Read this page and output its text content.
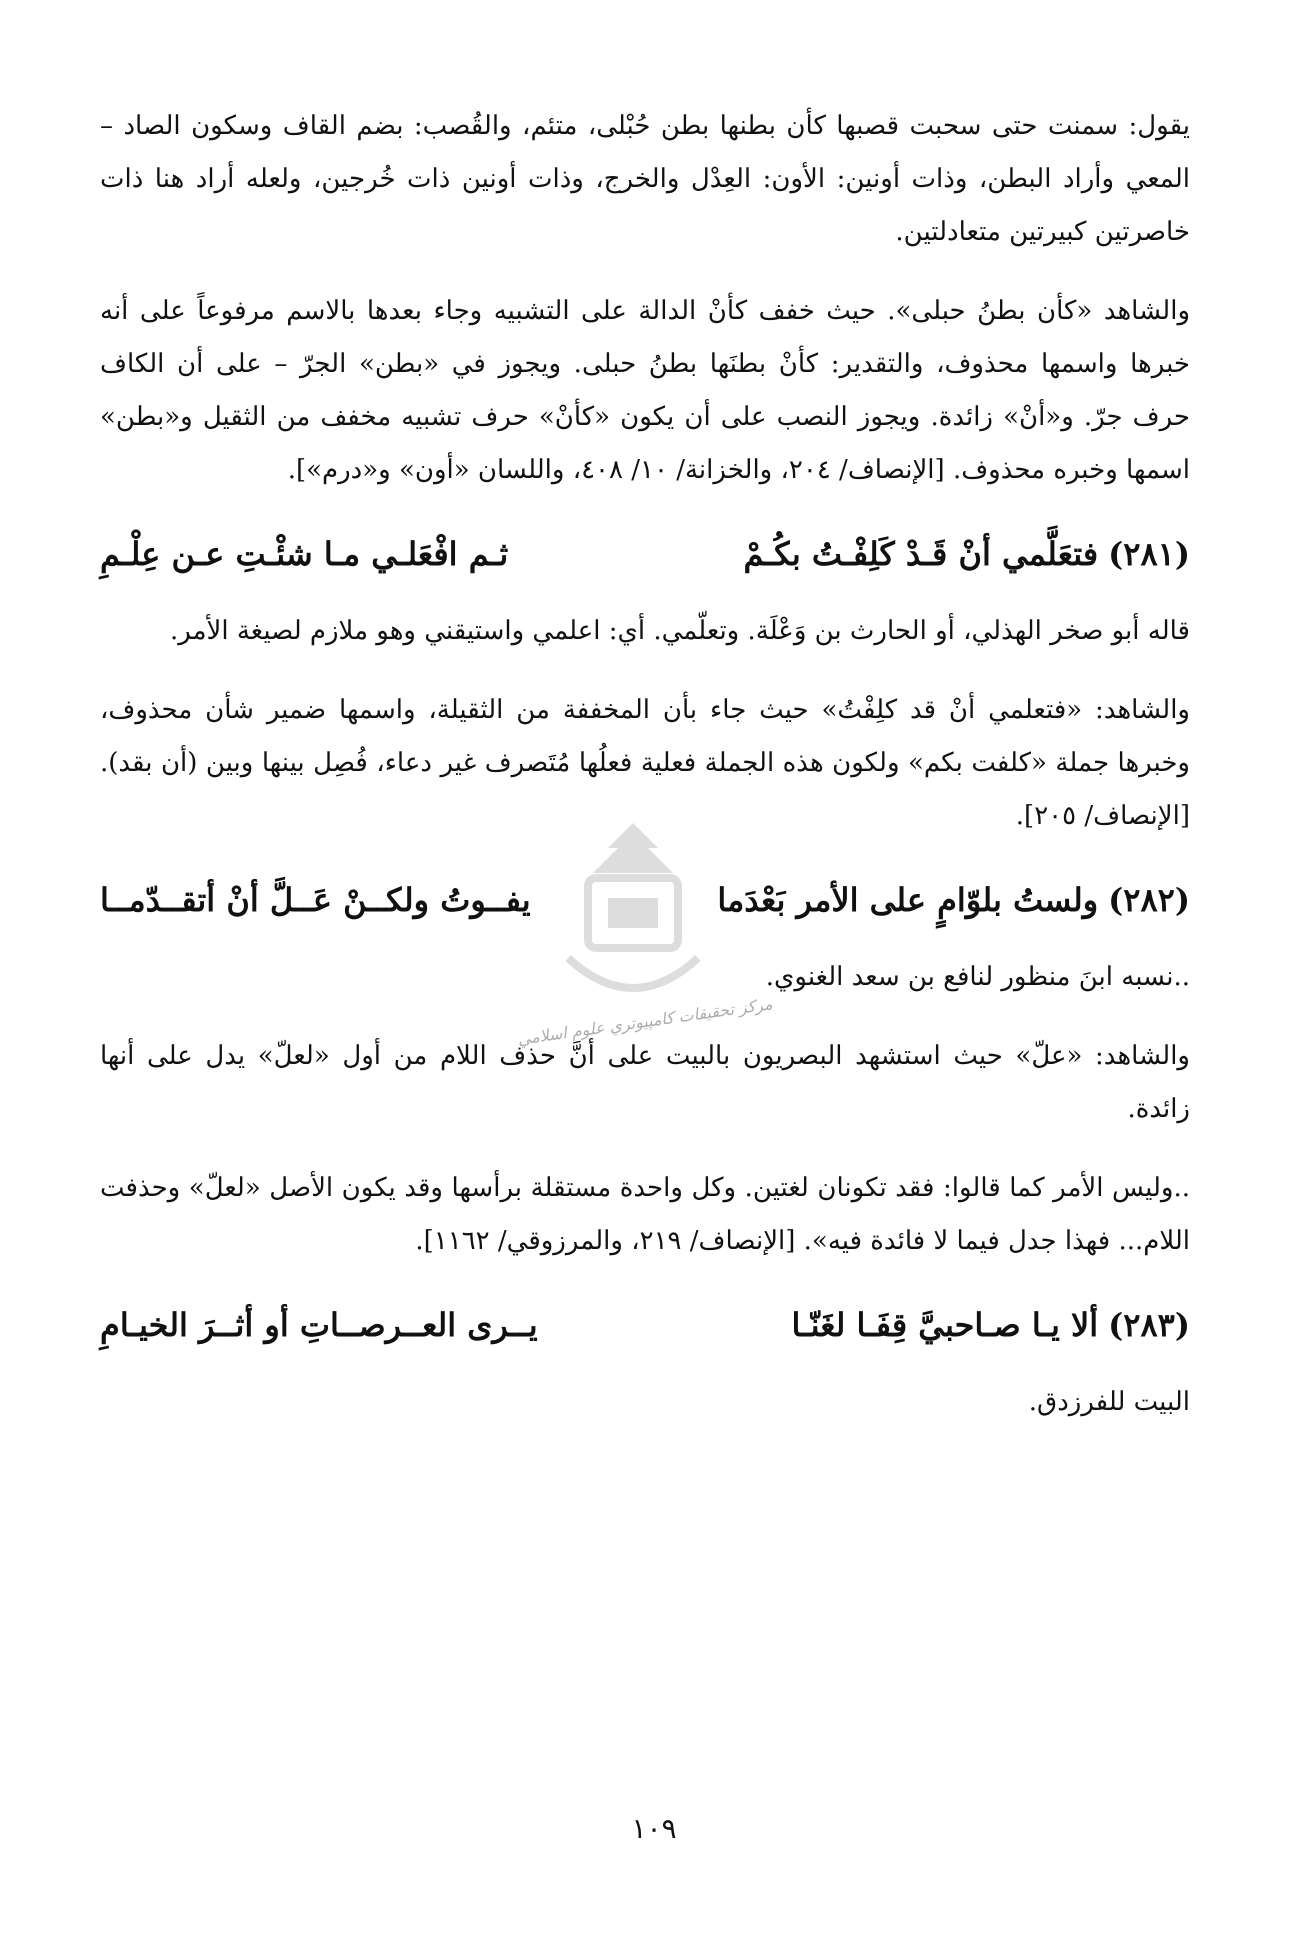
يقول: سمنت حتى سحبت قصبها كأن بطنها بطن حُبْلى، متئم، والقُصب: بضم القاف وسكون الصاد – المعي وأراد البطن، وذات أونين: الأون: العِدْل والخرج، وذات أونين ذات خُرجين، ولعله أراد هنا ذات خاصرتين كبيرتين متعادلتين.

والشاهد «كأن بطنُ حبلى». حيث خفف كأنْ الدالة على التشبيه وجاء بعدها بالاسم مرفوعاً على أنه خبرها واسمها محذوف، والتقدير: كأنْ بطنَها بطنُ حبلى. ويجوز في «بطن» الجرّ – على أن الكاف حرف جرّ. و«أنْ» زائدة. ويجوز النصب على أن يكون «كأنْ» حرف تشبيه مخفف من الثقيل و«بطن» اسمها وخبره محذوف. [الإنصاف/ ٢٠٤، والخزانة/ ١٠/ ٤٠٨، واللسان «أون» و«درم»].

(٢٨١)
فتعَلَّمي أنْ قَـدْ كَلِفْـتُ بكُـمْ
ثـم افْعَلـي مـا شئْـتِ عـن عِلْـمِ

قاله أبو صخر الهذلي، أو الحارث بن وَعْلَة. وتعلّمي. أي: اعلمي واستيقني وهو ملازم لصيغة الأمر.

والشاهد: «فتعلمي أنْ قد كلِفْتُ» حيث جاء بأن المخففة من الثقيلة، واسمها ضمير شأن محذوف، وخبرها جملة «كلفت بكم» ولكون هذه الجملة فعلية فعلُها مُتَصرف غير دعاء، فُصِل بينها وبين (أن بقد). [الإنصاف/ ٢٠٥].

(٢٨٢)
ولستُ بلوّامٍ على الأمر بَعْدَما
يفــوتُ ولكــنْ عَــلَّ أنْ أتقــدّمــا

..نسبه ابنَ منظور لنافع بن سعد الغنوي.

والشاهد: «علّ» حيث استشهد البصريون بالبيت على أنَّ حذف اللام من أول «لعلّ» يدل على أنها زائدة.

..وليس الأمر كما قالوا: فقد تكونان لغتين. وكل واحدة مستقلة برأسها وقد يكون الأصل «لعلّ» وحذفت اللام... فهذا جدل فيما لا فائدة فيه». [الإنصاف/ ٢١٩، والمرزوقي/ ١١٦٢].

(٢٨٣)
ألا يـا صـاحبيَّ قِفَـا لغَنّـا
يــرى العــرصــاتِ أو أثــرَ الخيـامِ

البيت للفرزدق.

مركز تحقيقات كامپيوتري علوم اسلامي
١٠٩
